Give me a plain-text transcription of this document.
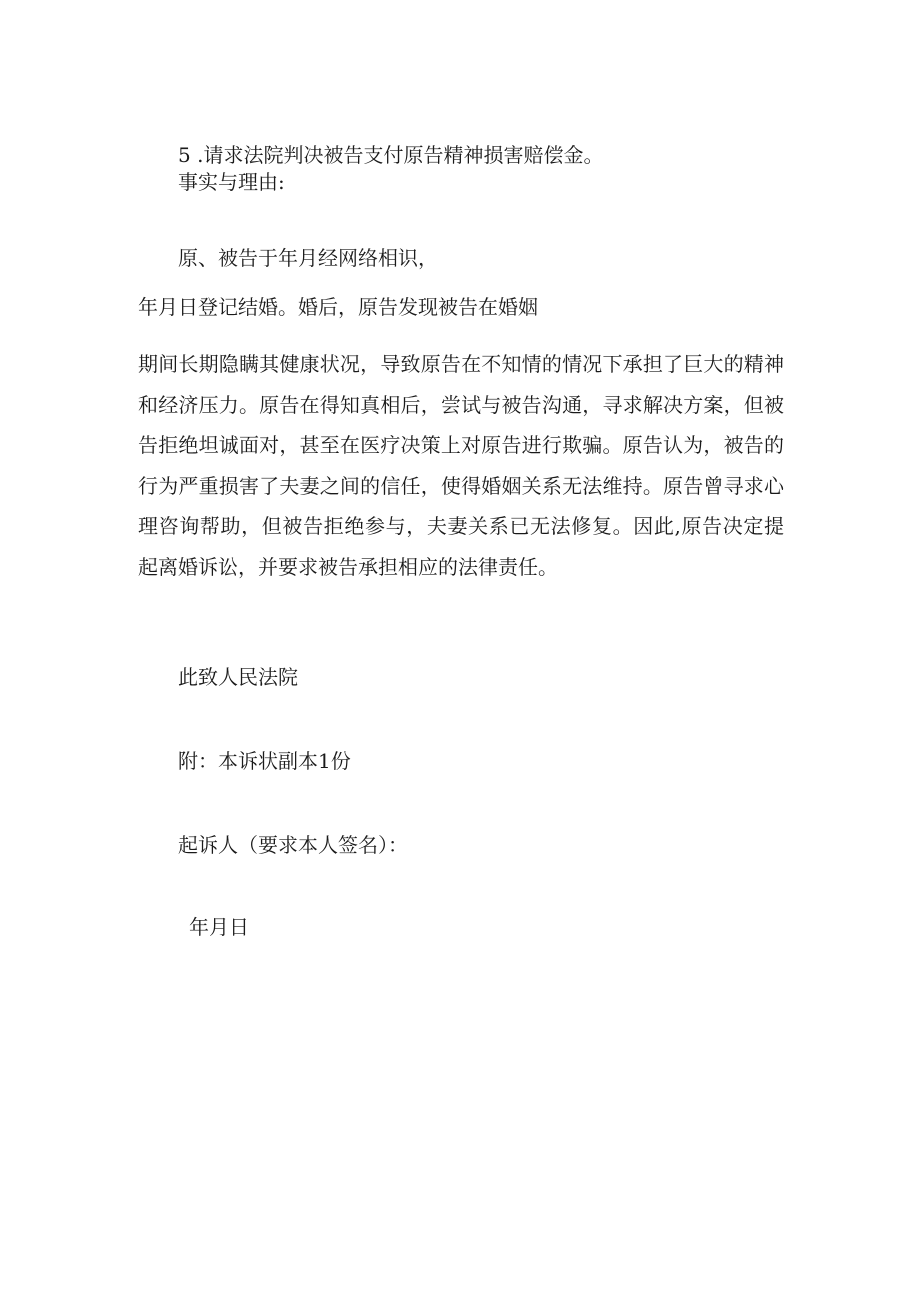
5 .请求法院判决被告支付原告精神损害赔偿金。
事实与理由:
原、被告于年月经网络相识，
年月日登记结婚。婚后，原告发现被告在婚姻
期间长期隐瞒其健康状况，导致原告在不知情的情况下承担了巨大的精神和经济压力。原告在得知真相后，尝试与被告沟通，寻求解决方案，但被告拒绝坦诚面对，甚至在医疗决策上对原告进行欺骗。原告认为，被告的行为严重损害了夫妻之间的信任，使得婚姻关系无法维持。原告曾寻求心理咨询帮助，但被告拒绝参与，夫妻关系已无法修复。因此,原告决定提起离婚诉讼，并要求被告承担相应的法律责任。
此致人民法院
附：本诉状副本1份
起诉人（要求本人签名）：
年月日
